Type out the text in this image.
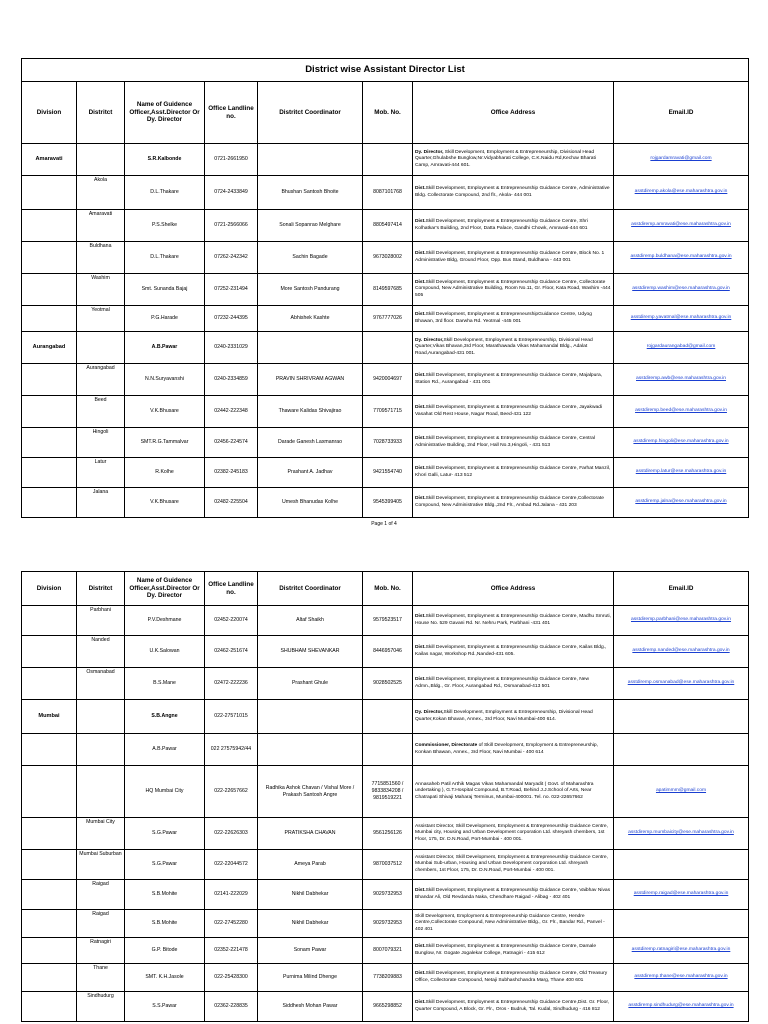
District wise Assistant Director List							
Division	Distritct	Name of Guidence Officer,Asst.Director Or Dy. Director	Office Landline no.	Distritct Coordinator	Mob. No.	Office Address	Email.ID
Amaravati		S.R.Kalbonde	0721-2661950			Dy. Director, Skill Development, Employment & Entrepreneurship, Divisional Head Quarter,Ghulabshe Bunglow,Nr.Vidyabharati College, C.K.Naidu Rd,Kechav Bharati Camp, Amravati-444 601.	rojgardamravati@gmail.com
	Akola	D.L.Thakare	0724-2433849	Bhushan Santosh Bhoite	8087101768	Dist.Skill Development, Employment & Entrepreneurship Guidance Centre, Administrative Bldg. Collectorate Compound, 2nd flr., Akola- 444 001	asstdiremp.akola@ese.maharashtra.gov.in
	Amaravati	P.S.Shelke	0721-2566066	Sonali Sopanrao Melghare	8805497414	Dist.Skill Development, Employment & Entrepreneurship Guidance Centre, Shri Kolhatkar's Building, 2nd Floor, Datta Palace, Gandhi Chowk, Amravati-444 601	asstdiremp.amravati@ese.maharashtra.gov.in
	Buldhana	D.L.Thakare	07262-242342	Sachin Bagade	9673028002	Dist.Skill Development, Employment & Entrepreneurship Guidance Centre, Block No. 1 Administrative Bldg, Ground Floor, Opp. Bus Stand, Buldhana - 443 001	asstdiremp.buldhana@ese.maharashtra.gov.in
	Washim	Smt. Sunanda Bajaj	07252-231494	More Santosh Pandurang	8149597685	Dist.Skill Development, Employment & Entrepreneurship Guidance Centre, Collectorate Compound, New Administrative Building, Room No.11, Gr. Floor, Kata Road, Washim -444 505	asstdiremp.washim@ese.maharashtra.gov.in
	Yeotmal	P.G.Harade	07232-244395	Abhishek Kashte	9767777026	Dist.Skill Development, Employment & EntrepreneurshipGuidance Centre, Udyog Bhawan, 3rd floor. Darwha Rd. Yeotmal -445 001	asstdiremp.yavatmal@ese.maharashtra.gov.in
Aurangabad		A.B.Pawar	0240-2331029			Dy. Director,Skill Development, Employment & Entrepreneurship, Divisional Head Quarter,Vikas Bhavan,3rd Floor, Marathawada Vikas Mahamandal Bldg., Adalat Road,Aurangabad-431 001.	rojgardaurangabad@gmail.com
	Aurangabad	N.N.Suryavanshi	0240-2334859	PRAVIN SHRIVRAM AGWAN	9420004697	Dist.Skill Development, Employment & Entrepreneurship Guidance Centre, Majalpura, Station Rd., Aurangabad - 431 001	asstdiremp.awb@ese.maharashtra.gov.in
	Beed	V.K.Bhusare	02442-222348	Thaware Kalidas Shivajirao	7709571715	Dist.Skill Development, Employment & Entrepreneurship Guidance Centre, Jayakwadi Vasahat Old Rest House, Nagar Road, Beed-431 122	asstdiremp.beed@ese.maharashtra.gov.in
	Hingoli	SMT.R.G.Tammalvar	02456-224574	Darade Ganesh Laxmanrao	7028733933	Dist.Skill Development, Employment & Entrepreneurship Guidance Centre, Central Administrative Building, 2nd Floor, Hall No.3,Hingoli, - 431 513	asstdiremp.hingoli@ese.maharashtra.gov.in
	Latur	R.Kolhe	02382-245183	Prashant A. Jadhav	9421554740	Dist.Skill Development, Employment & Entrepreneurship Guidance Centre, Farhat Manzil, Khori Galli, Latur- 413 512	asstdiremp.latur@ese.maharashtra.gov.in
	Jalana	V.K.Bhusare	02482-225504	Umesh Bhanudas Kolhe	9545399405	Dist.Skill Development, Employment & Entrepreneurship Guidance Centre,Collectorate Compound, New Administrative Bldg.,2nd Flr., Ambad Rd.Jalana - 431 203	asstdiremp.jalna@ese.maharashtra.gov.in
Page 1 of 4
Division	Distritct	Name of Guidence Officer,Asst.Director Or Dy. Director	Office Landline no.	Distritct Coordinator	Mob. No.	Office Address	Email.ID
	Parbhani	P.V.Deshmane	02452-220074	Altaf Shaikh	9579523517	Dist.Skill Development, Employment & Entrepreneurship Guidance Centre, Madhu Smruti, House No. 529 Gavani Rd. Nr. Nehru Park, Parbhani -431 401	asstdiremp.parbhani@ese.maharashtra.gov.in
	Nanded	U.K.Salowan	02462-251674	SHUBHAM SHEVANKAR	8446957046	Dist.Skill Development, Employment & Entrepreneurship Guidance Centre, Kailas Bldg., Kailas nagar, Workshop Rd.,Nanded-431 605.	asstdiremp.nanded@ese.maharashtra.gov.in
	Osmanabad	B.S.Mane	02472-222236	Prashant Ghule	9028502525	Dist.Skill Development, Employment & Entrepreneurship Guidance Centre, New Admn.,Bldg., Gr. Floor, Aurangabad Rd., Osmanabad-413 501	asstdiremp.osmanabad@ese.maharashtra.gov.in
Mumbai		S.B.Angne	022-27571015			Dy. Director,Skill Development, Employment & Entrepreneurship, Divisional Head Quarter,Kokan Bhavan, Annex., 3rd Floor, Navi Mumbai-400 614.	
		A.B.Pawar	022 27575942/44			Commissioner, Directorate of Skill Development, Employment & Entrepreneurship, Konkan Bhawan, Annex., 3rd Floor, Navi Mumbai - 400 614	
		HQ Mumbai City	022-22657662	Radhika Ashok Chavan / Vishal More / Prakash Santosh Angre	7715851560 / 9833834208 / 9819519221	Annasaheb Patil Arthik Magas Vikas Mahamandal Maryadit ( Govt. of Maharashtra undertaking ), G.T.Hospital Compound, B.T.Road, Behind J.J.School of Arts, Near Chatrapati Shivaji Maharaj Terminus, Mumbai-400001. Tel. no. 022-22657662	apatimmm@gmail.com
	Mumbai City	S.G.Pawar	022-22626303	PRATIKSHA CHAVAN	9561256126	Assistant Director, Skill Development, Employment & Entrepreneurship Guidance Centre, Mumbai city, Housing and Urban Development corporation Ltd. shreyash chembers, 1st Floor, 175, Dr. D.N.Road, Port-Mumbai - 400 001.	asstdiremp.mumbaicity@ese.maharashtra.gov.in
	Mumbai Suburban	S.G.Pawar	022-22044572	Ameya Parab	9870037512	Assistant Director, Skill Development, Employment & Entrepreneurship Guidance Centre, Mumbai Sub-urban, Housing and Urban Development corporation Ltd. shreyash chembers, 1st Floor, 175, Dr. D.N.Road, Port-Mumbai - 400 001.	
	Raigad	S.B.Mohite	02141-222029	Nikhil Dabhekar	9029732953	Dist.Skill Development, Employment & Entrepreneurship Guidance Centre, Vaibhav Nivas Bhandar Ali, Old Revdanda Naka, Chendhare Raigad - Alibag - 402 401	asstdiremp.raigad@ese.maharashtra.gov.in
	Raigad	S.B.Mohite	022-27452280	Nikhil Dabhekar	9029732953	Skill Development, Employment & Entrepreneurship Guidance Centre, Hendre Centre,Collectorate Compound, New Administrative Bldg., Gr. Flr., Bandar Rd., Panvel - 402 401	
	Ratnagiri	G.P. Bitode	02352-221478	Sonam Pawar	8007079321	Dist.Skill Development, Employment & Entrepreneurship Guidance Centre, Damale Bunglow, Nr. Gogate Jogalekar College, Ratnagiri - 415 612	asstdiremp.ratnagiri@ese.maharashtra.gov.in
	Thane	SMT. K.H.Jasole	022-25428300	Purnima Milind Dhenge	7738209883	Dist.Skill Development, Employment & Entrepreneurship Guidance Centre, Old Treasury Office, Collectorate Compound, Netaji Subhashchandra Marg, Thane 400 601	asstdiremp.thane@ese.maharashtra.gov.in
	Sindhudurg	S.S.Pawar	02362-228835	Siddhesh Mohan Pawar	9665298852	Dist.Skill Development, Employment & Entrepreneurship Guidance Centre,Dist. Gr. Floor, Quarter Compound, A Block, Gr. Flr., Oros - Budruk, Tal. Kudal, Sindhudurg - 416 812	asstdiremp.sindhudurg@ese.maharashtra.gov.in
